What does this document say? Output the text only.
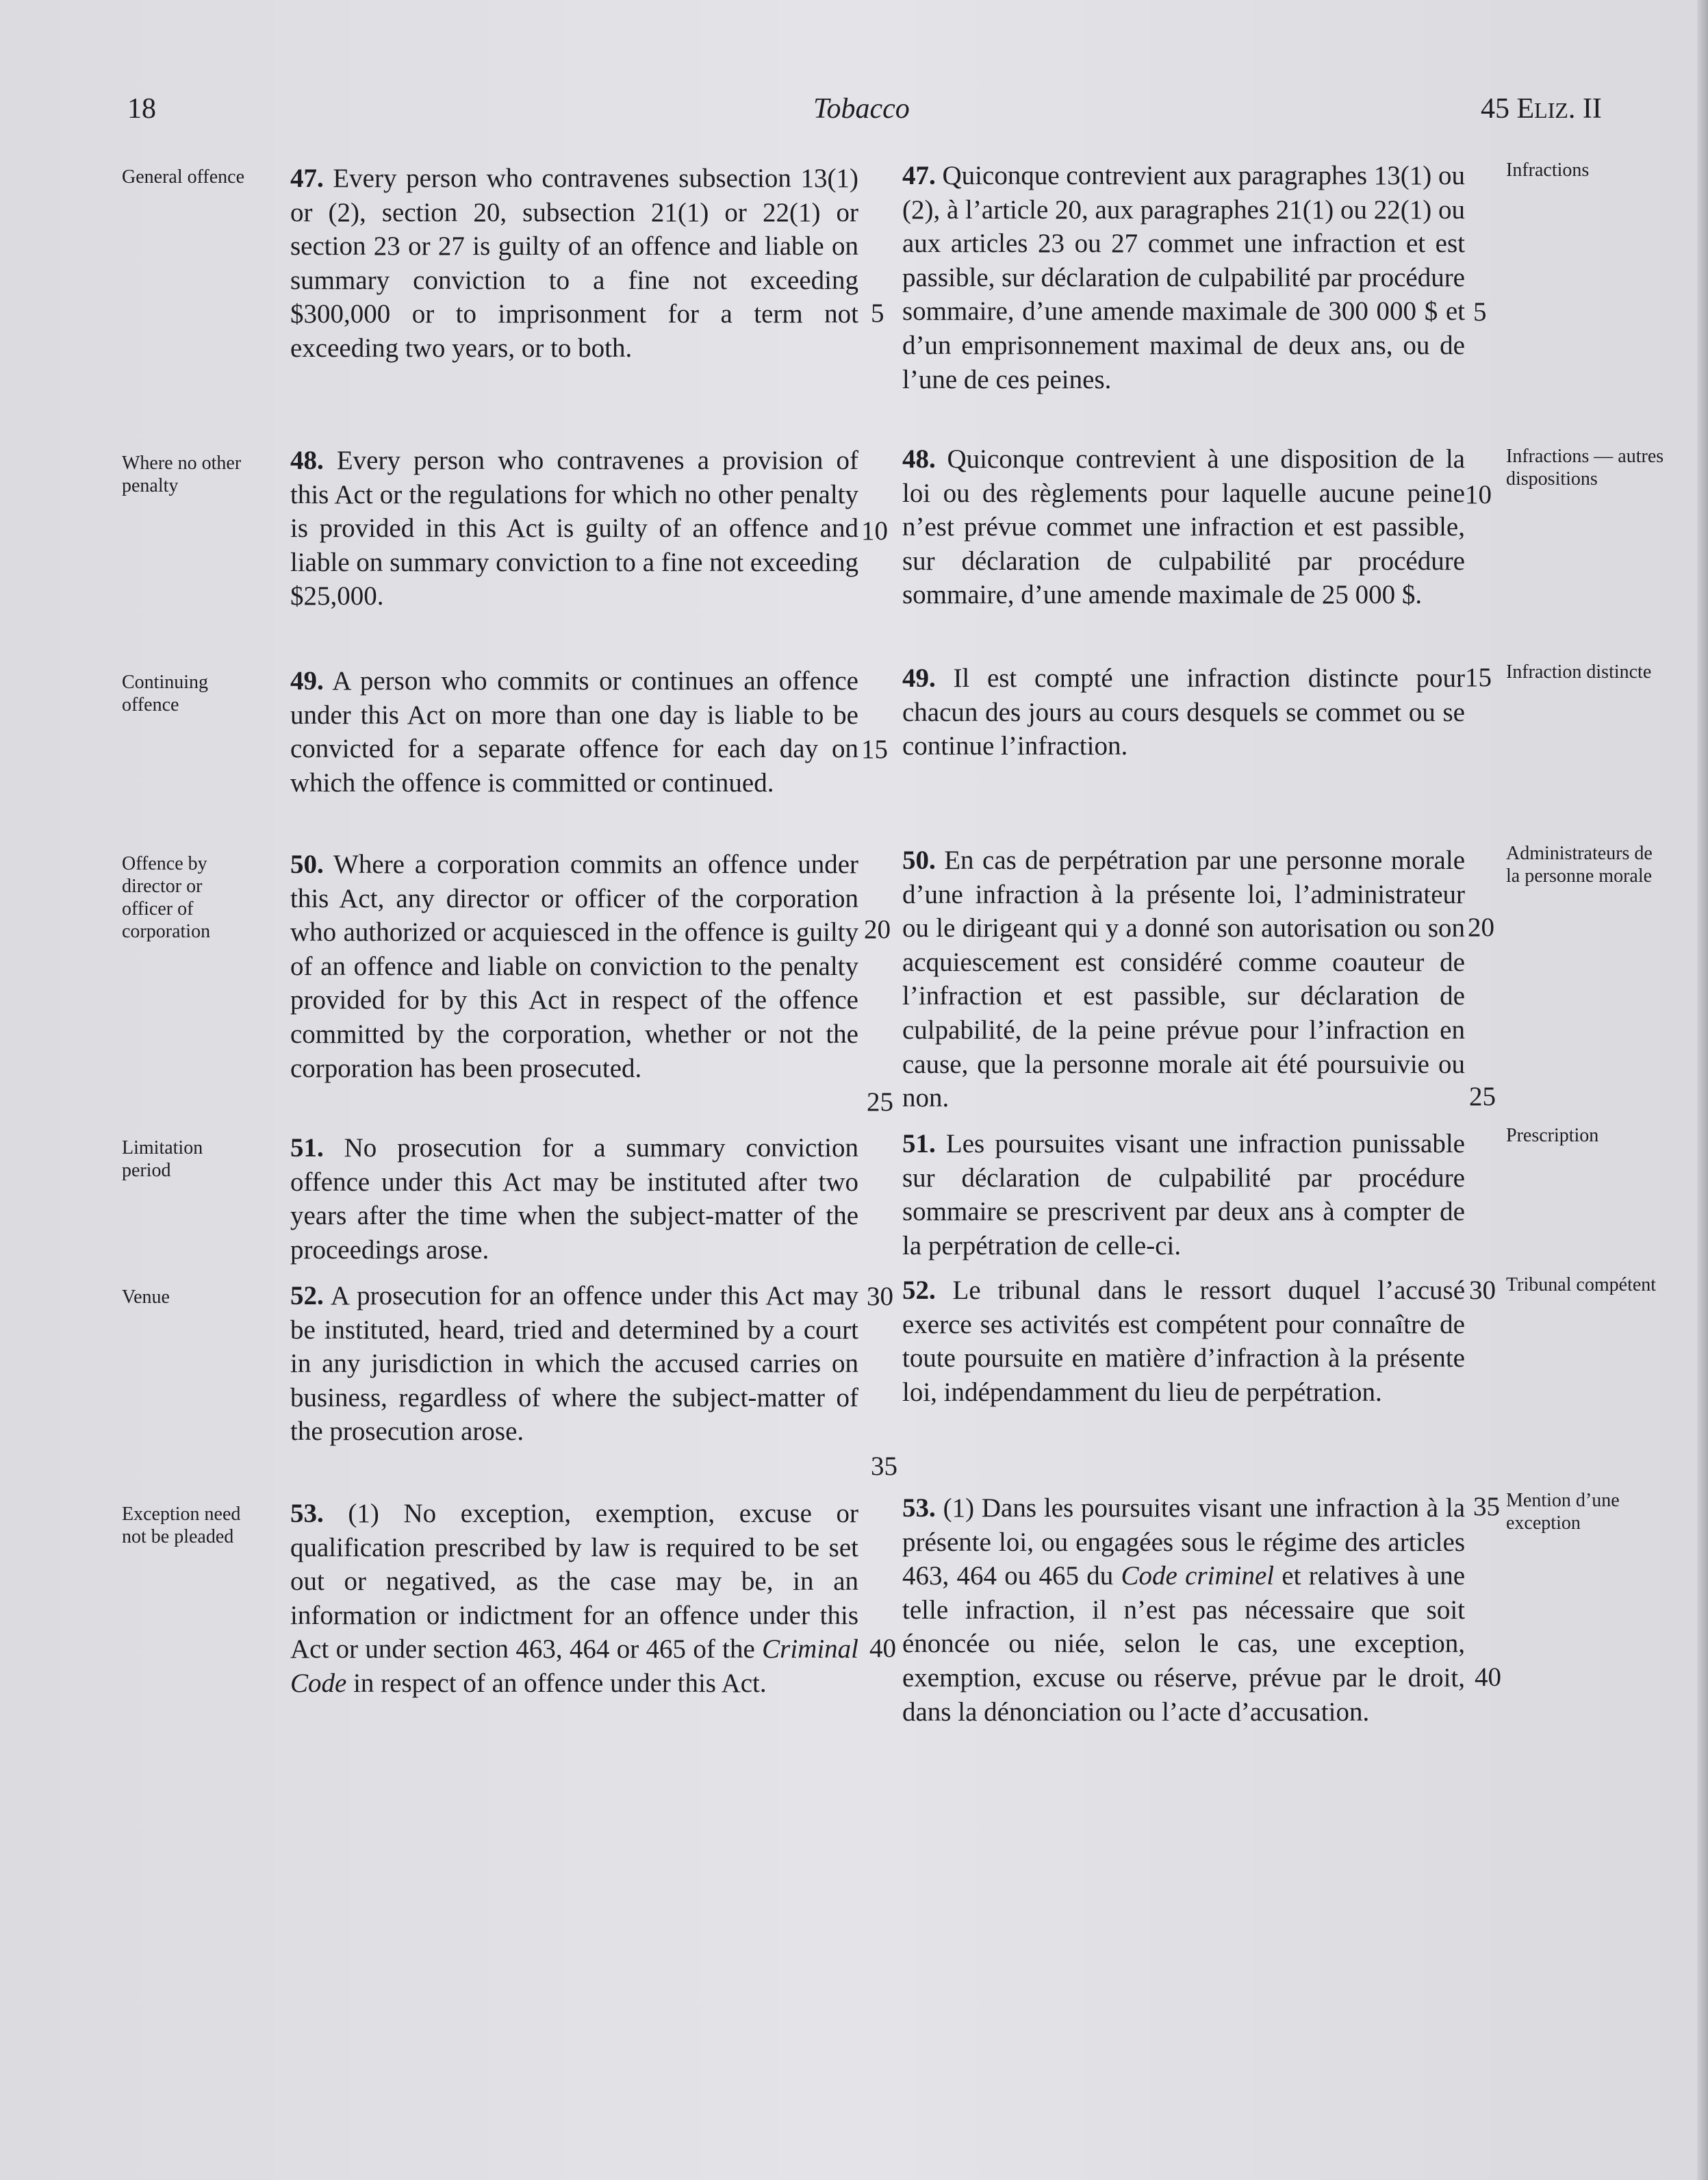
18	Tobacco	45 ELIZ. II
General offence	Infractions

47. Every person who contravenes subsection 13(1) or (2), section 20, subsection 21(1) or 22(1) or section 23 or 27 is guilty of an offence and liable on summary conviction to a fine not exceeding $300,000 or to imprisonment for a term not exceeding two years, or to both.

47. Quiconque contrevient aux paragraphes 13(1) ou (2), à l’article 20, aux paragraphes 21(1) ou 22(1) ou aux articles 23 ou 27 commet une infraction et est passible, sur déclaration de culpabilité par procédure sommaire, d’une amende maximale de 300 000 $ et d’un emprisonnement maximal de deux ans, ou de l’une de ces peines.

Where no other penalty
Infractions — autres dispositions

48. Every person who contravenes a provision of this Act or the regulations for which no other penalty is provided in this Act is guilty of an offence and liable on summary conviction to a fine not exceeding $25,000.

48. Quiconque contrevient à une disposition de la loi ou des règlements pour laquelle aucune peine n’est prévue commet une infraction et est passible, sur déclaration de culpabilité par procédure sommaire, d’une amende maximale de 25 000 $.

Continuing offence
Infraction distincte

49. A person who commits or continues an offence under this Act on more than one day is liable to be convicted for a separate offence for each day on which the offence is committed or continued.

49. Il est compté une infraction distincte pour chacun des jours au cours desquels se commet ou se continue l’infraction.

Offence by director or officer of corporation
Administrateurs de la personne morale

50. Where a corporation commits an offence under this Act, any director or officer of the corporation who authorized or acquiesced in the offence is guilty of an offence and liable on conviction to the penalty provided for by this Act in respect of the offence committed by the corporation, whether or not the corporation has been prosecuted.

50. En cas de perpétration par une personne morale d’une infraction à la présente loi, l’administrateur ou le dirigeant qui y a donné son autorisation ou son acquiescement est considéré comme coauteur de l’infraction et est passible, sur déclaration de culpabilité, de la peine prévue pour l’infraction en cause, que la personne morale ait été poursuivie ou non.

Limitation period
Prescription

51. No prosecution for a summary conviction offence under this Act may be instituted after two years after the time when the subject-matter of the proceedings arose.

51. Les poursuites visant une infraction punissable sur déclaration de culpabilité par procédure sommaire se prescrivent par deux ans à compter de la perpétration de celle-ci.

Venue
Tribunal compétent

52. A prosecution for an offence under this Act may be instituted, heard, tried and determined by a court in any jurisdiction in which the accused carries on business, regardless of where the subject-matter of the prosecution arose.

52. Le tribunal dans le ressort duquel l’accusé exerce ses activités est compétent pour connaître de toute poursuite en matière d’infraction à la présente loi, indépendamment du lieu de perpétration.

Exception need not be pleaded
Mention d’une exception

53. (1) No exception, exemption, excuse or qualification prescribed by law is required to be set out or negatived, as the case may be, in an information or indictment for an offence under this Act or under section 463, 464 or 465 of the Criminal Code in respect of an offence under this Act.

53. (1) Dans les poursuites visant une infraction à la présente loi, ou engagées sous le régime des articles 463, 464 ou 465 du Code criminel et relatives à une telle infraction, il n’est pas nécessaire que soit énoncée ou niée, selon le cas, une exception, exemption, excuse ou réserve, prévue par le droit, dans la dénonciation ou l’acte d’accusation.

5
10
15
20
25
30
35
40
5
10
15
20
25
30
35
40
